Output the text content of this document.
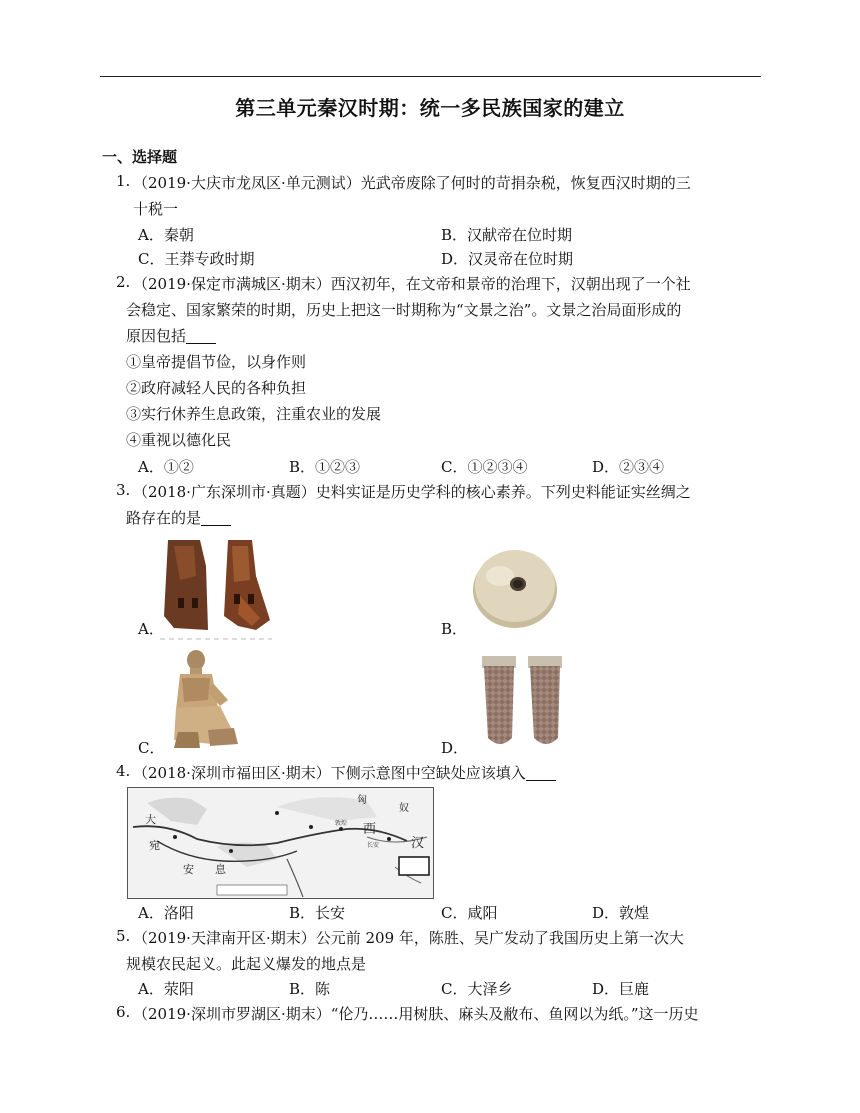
第三单元秦汉时期：统一多民族国家的建立
一、选择题
1. （2019·大庆市龙凤区·单元测试）光武帝废除了何时的苛捐杂税，恢复西汉时期的三
十税一
A．秦朝	B．汉献帝在位时期
C．王莽专政时期	D．汉灵帝在位时期
2. （2019·保定市满城区·期末）西汉初年，在文帝和景帝的治理下，汉朝出现了一个社
会稳定、国家繁荣的时期，历史上把这一时期称为“文景之治”。文景之治局面形成的
原因包括
①皇帝提倡节俭，以身作则
②政府减轻人民的各种负担
③实行休养生息政策，注重农业的发展
④重视以德化民
A．①②	B．①②③	C．①②③④	D．②③④
3. （2018·广东深圳市·真题）史料实证是历史学科的核心素养。下列史料能证实丝绸之
路存在的是
A．	B．
C．	D．
4. （2018·深圳市福田区·期末）下侧示意图中空缺处应该填入
匈
奴
西
汉
大
宛
安 息
敦煌
长安
A．洛阳	B．长安	C．咸阳	D．敦煌
5. （2019·天津南开区·期末）公元前 209 年，陈胜、吴广发动了我国历史上第一次大
规模农民起义。此起义爆发的地点是
A．荥阳	B．陈	C．大泽乡	D．巨鹿
6. （2019·深圳市罗湖区·期末）“伦乃……用树肤、麻头及敝布、鱼网以为纸。”这一历史
